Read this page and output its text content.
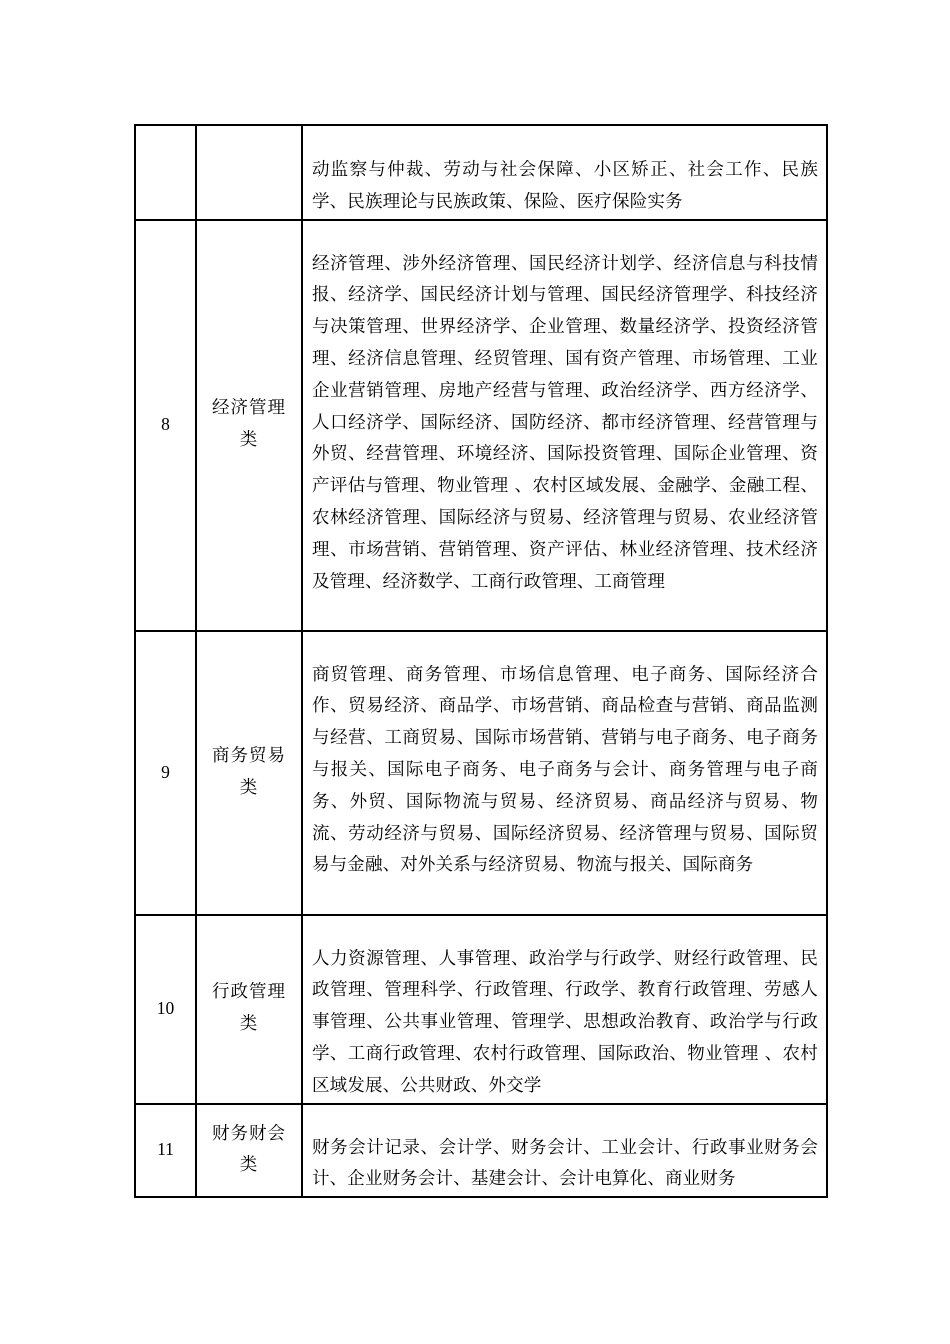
		动监察与仲裁、劳动与社会保障、小区矫正、社会工作、民族学、民族理论与民族政策、保险、医疗保险实务

8	经济管理类	经济管理、涉外经济管理、国民经济计划学、经济信息与科技情报、经济学、国民经济计划与管理、国民经济管理学、科技经济与决策管理、世界经济学、企业管理、数量经济学、投资经济管理、经济信息管理、经贸管理、国有资产管理、市场管理、工业企业营销管理、房地产经营与管理、政治经济学、西方经济学、人口经济学、国际经济、国防经济、都市经济管理、经营管理与外贸、经营管理、环境经济、国际投资管理、国际企业管理、资产评估与管理、物业管理 、农村区域发展、金融学、金融工程、农林经济管理、国际经济与贸易、经济管理与贸易、农业经济管理、市场营销、营销管理、资产评估、林业经济管理、技术经济及管理、经济数学、工商行政管理、工商管理

9	商务贸易类	商贸管理、商务管理、市场信息管理、电子商务、国际经济合作、贸易经济、商品学、市场营销、商品检查与营销、商品监测与经营、工商贸易、国际市场营销、营销与电子商务、电子商务与报关、国际电子商务、电子商务与会计、商务管理与电子商务、外贸、国际物流与贸易、经济贸易、商品经济与贸易、物流、劳动经济与贸易、国际经济贸易、经济管理与贸易、国际贸易与金融、对外关系与经济贸易、物流与报关、国际商务

10	行政管理类	人力资源管理、人事管理、政治学与行政学、财经行政管理、民政管理、管理科学、行政管理、行政学、教育行政管理、劳感人事管理、公共事业管理、管理学、思想政治教育、政治学与行政学、工商行政管理、农村行政管理、国际政治、物业管理 、农村区域发展、公共财政、外交学

11	财务财会类	财务会计记录、会计学、财务会计、工业会计、行政事业财务会计、企业财务会计、基建会计、会计电算化、商业财务
